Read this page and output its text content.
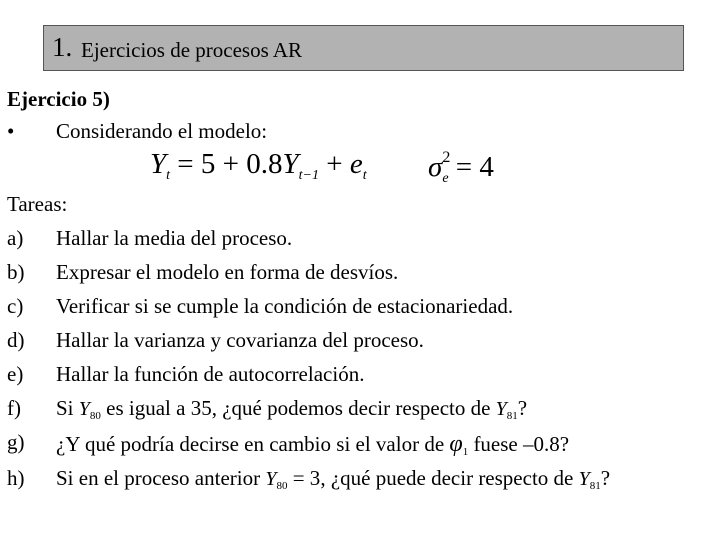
1. Ejercicios de procesos AR
Ejercicio 5)
• Considerando el modelo:
$Y_t = 5 + 0.8Y_{t-1} + e_t$ $\sigma^2_e = 4$
Tareas:
a) Hallar la media del proceso.
b) Expresar el modelo en forma de desvíos.
c) Verificar si se cumple la condición de estacionariedad.
d) Hallar la varianza y covarianza del proceso.
e) Hallar la función de autocorrelación.
f) Si $Y_{80}$ es igual a 35, ¿qué podemos decir respecto de $Y_{81}$?
g) ¿Y qué podría decirse en cambio si el valor de $\varphi_1$ fuese –0.8?
h) Si en el proceso anterior $Y_{80} = 3$, ¿qué puede decir respecto de $Y_{81}$?
